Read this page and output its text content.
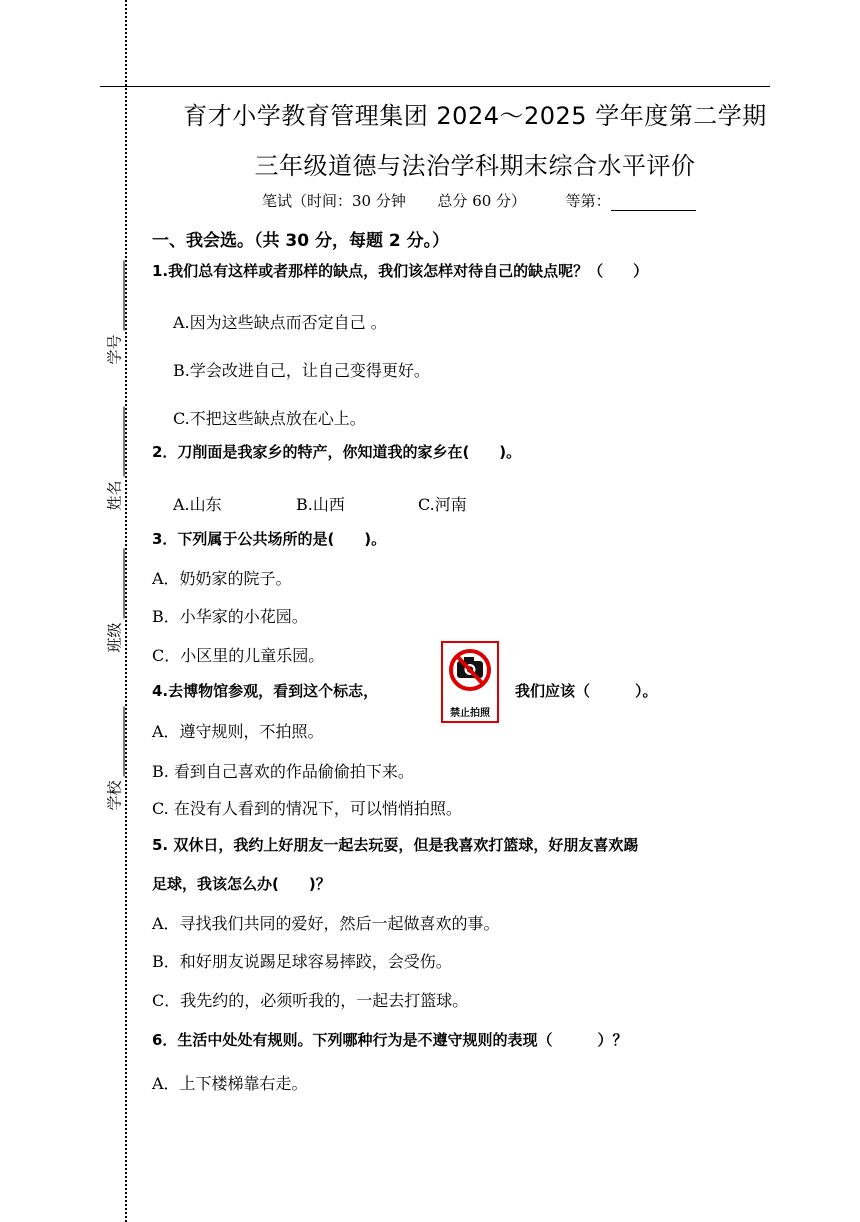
学号
姓名
班级
学校
育才小学教育管理集团 2024～2025 学年度第二学期
三年级道德与法治学科期末综合水平评价
笔试（时间：30 分钟 总分 60 分）	等第：
一、我会选。（共 30 分，每题 2 分。）
1.我们总有这样或者那样的缺点，我们该怎样对待自己的缺点呢？（　　）
A.因为这些缺点而否定自己 。
B.学会改进自己，让自己变得更好。
C.不把这些缺点放在心上。
2．刀削面是我家乡的特产，你知道我的家乡在(　　)。
A.山东	B.山西	C.河南
3．下列属于公共场所的是(　　)。
A．奶奶家的院子。
B．小华家的小花园。
C．小区里的儿童乐园。
4.去博物馆参观，看到这个标志，
禁止拍照
我们应该（　　　）。
A．遵守规则，不拍照。
B. 看到自己喜欢的作品偷偷拍下来。
C. 在没有人看到的情况下，可以悄悄拍照。
5. 双休日，我约上好朋友一起去玩耍，但是我喜欢打篮球，好朋友喜欢踢
足球，我该怎么办(　　)？
A．寻找我们共同的爱好，然后一起做喜欢的事。
B．和好朋友说踢足球容易摔跤，会受伤。
C．我先约的，必须听我的，一起去打篮球。
6．生活中处处有规则。下列哪种行为是不遵守规则的表现（　　　）？
A．上下楼梯靠右走。
